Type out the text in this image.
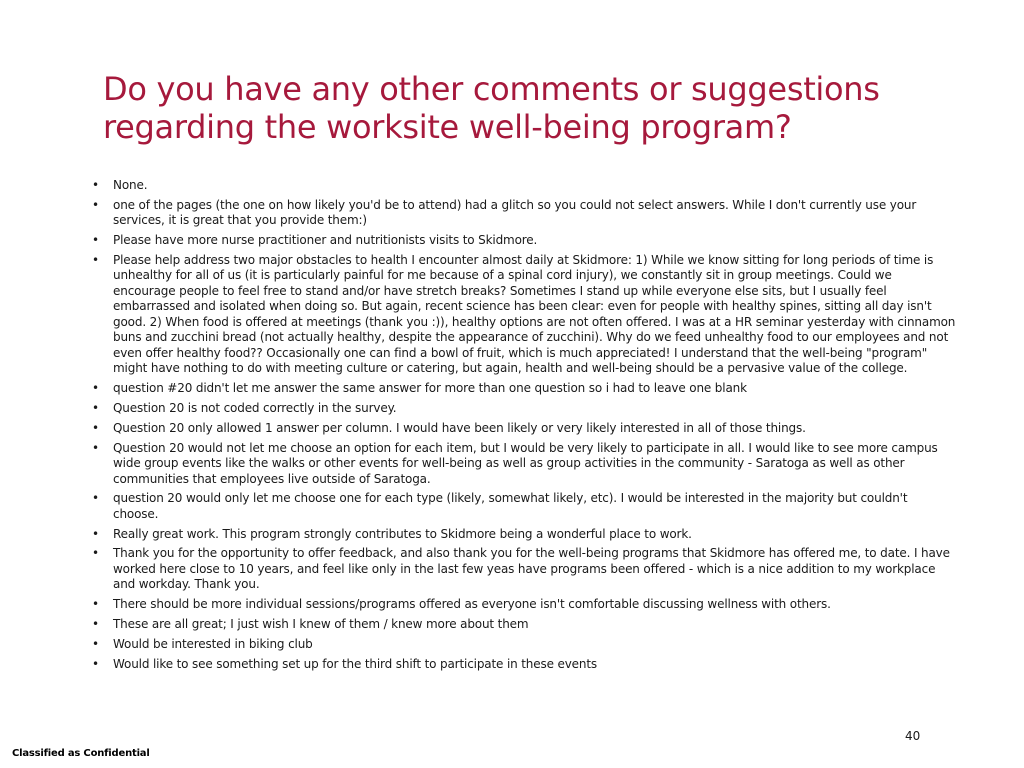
Do you have any other comments or suggestions regarding the worksite well-being program?
• None.
• one of the pages (the one on how likely you'd be to attend) had a glitch so you could not select answers. While I don't currently use your services, it is great that you provide them:)
• Please have more nurse practitioner and nutritionists visits to Skidmore.
• Please help address two major obstacles to health I encounter almost daily at Skidmore: 1) While we know sitting for long periods of time is unhealthy for all of us (it is particularly painful for me because of a spinal cord injury), we constantly sit in group meetings. Could we encourage people to feel free to stand and/or have stretch breaks? Sometimes I stand up while everyone else sits, but I usually feel embarrassed and isolated when doing so. But again, recent science has been clear: even for people with healthy spines, sitting all day isn't good. 2) When food is offered at meetings (thank you :)), healthy options are not often offered. I was at a HR seminar yesterday with cinnamon buns and zucchini bread (not actually healthy, despite the appearance of zucchini). Why do we feed unhealthy food to our employees and not even offer healthy food?? Occasionally one can find a bowl of fruit, which is much appreciated! I understand that the well-being "program" might have nothing to do with meeting culture or catering, but again, health and well-being should be a pervasive value of the college.
• question #20 didn't let me answer the same answer for more than one question so i had to leave one blank
• Question 20 is not coded correctly in the survey.
• Question 20 only allowed 1 answer per column. I would have been likely or very likely interested in all of those things.
• Question 20 would not let me choose an option for each item, but I would be very likely to participate in all. I would like to see more campus wide group events like the walks or other events for well-being as well as group activities in the community - Saratoga as well as other communities that employees live outside of Saratoga.
• question 20 would only let me choose one for each type (likely, somewhat likely, etc). I would be interested in the majority but couldn't choose.
• Really great work. This program strongly contributes to Skidmore being a wonderful place to work.
• Thank you for the opportunity to offer feedback, and also thank you for the well-being programs that Skidmore has offered me, to date. I have worked here close to 10 years, and feel like only in the last few yeas have programs been offered - which is a nice addition to my workplace and workday. Thank you.
• There should be more individual sessions/programs offered as everyone isn't comfortable discussing wellness with others.
• These are all great; I just wish I knew of them / knew more about them
• Would be interested in biking club
• Would like to see something set up for the third shift to participate in these events
40
Classified as Confidential
